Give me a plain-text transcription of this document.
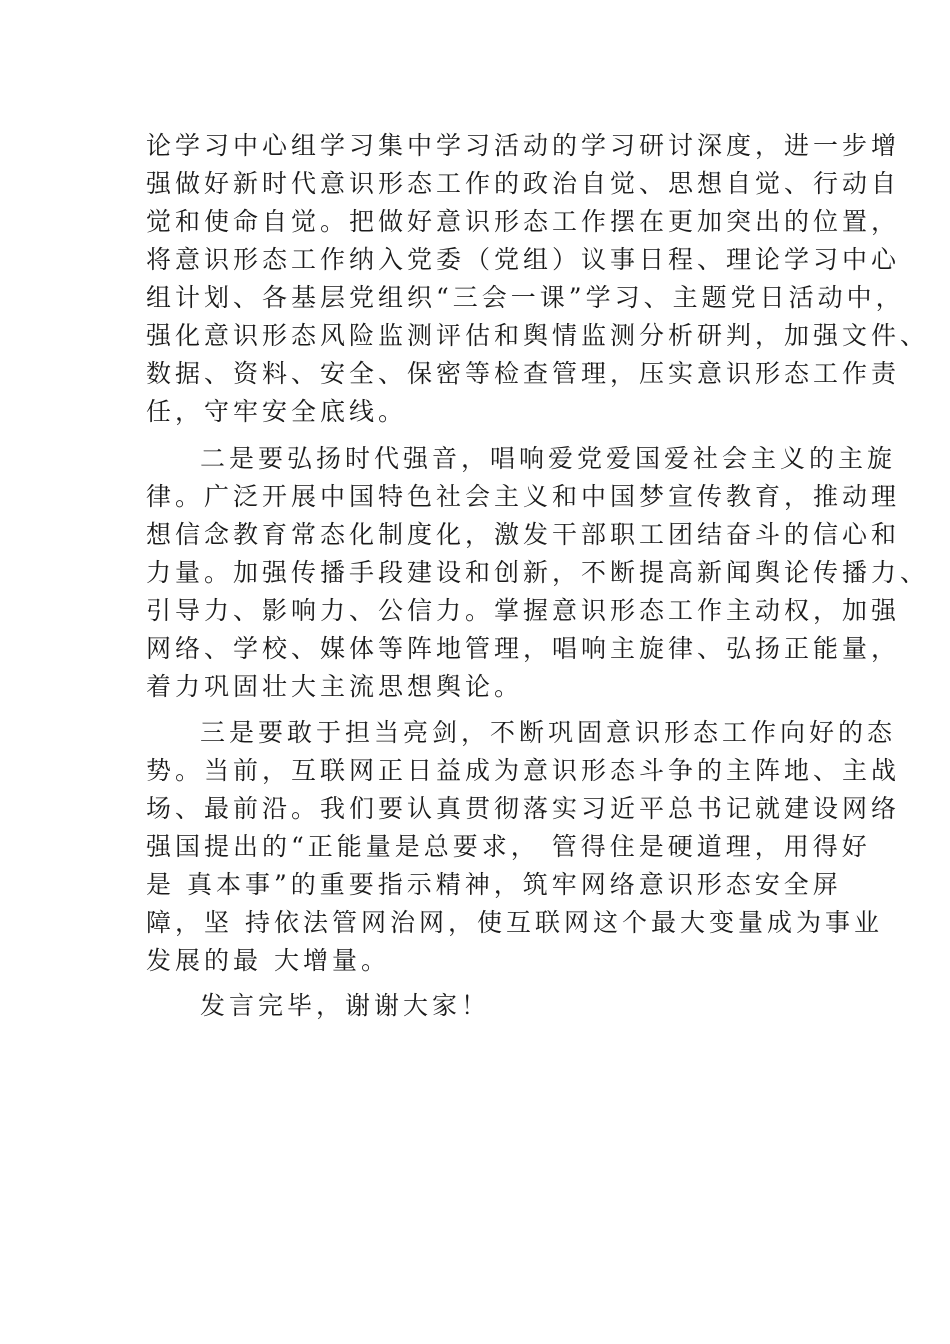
论学习中心组学习集中学习活动的学习研讨深度，进一步增
强做好新时代意识形态工作的政治自觉、思想自觉、行动自
觉和使命自觉。把做好意识形态工作摆在更加突出的位置，
将意识形态工作纳入党委（党组）议事日程、理论学习中心
组计划、各基层党组织“三会一课”学习、主题党日活动中，
强化意识形态风险监测评估和舆情监测分析研判，加强文件、
数据、资料、安全、保密等检查管理，压实意识形态工作责
任，守牢安全底线。
二是要弘扬时代强音，唱响爱党爱国爱社会主义的主旋
律。广泛开展中国特色社会主义和中国梦宣传教育，推动理
想信念教育常态化制度化，激发干部职工团结奋斗的信心和
力量。加强传播手段建设和创新，不断提高新闻舆论传播力、
引导力、影响力、公信力。掌握意识形态工作主动权，加强
网络、学校、媒体等阵地管理，唱响主旋律、弘扬正能量，
着力巩固壮大主流思想舆论。
三是要敢于担当亮剑，不断巩固意识形态工作向好的态
势。当前，互联网正日益成为意识形态斗争的主阵地、主战
场、最前沿。我们要认真贯彻落实习近平总书记就建设网络
强国提出的“正能量是总要求， 管得住是硬道理，用得好
是 真本事”的重要指示精神，筑牢网络意识形态安全屏
障，坚 持依法管网治网，使互联网这个最大变量成为事业
发展的最 大增量。
发言完毕，谢谢大家！
